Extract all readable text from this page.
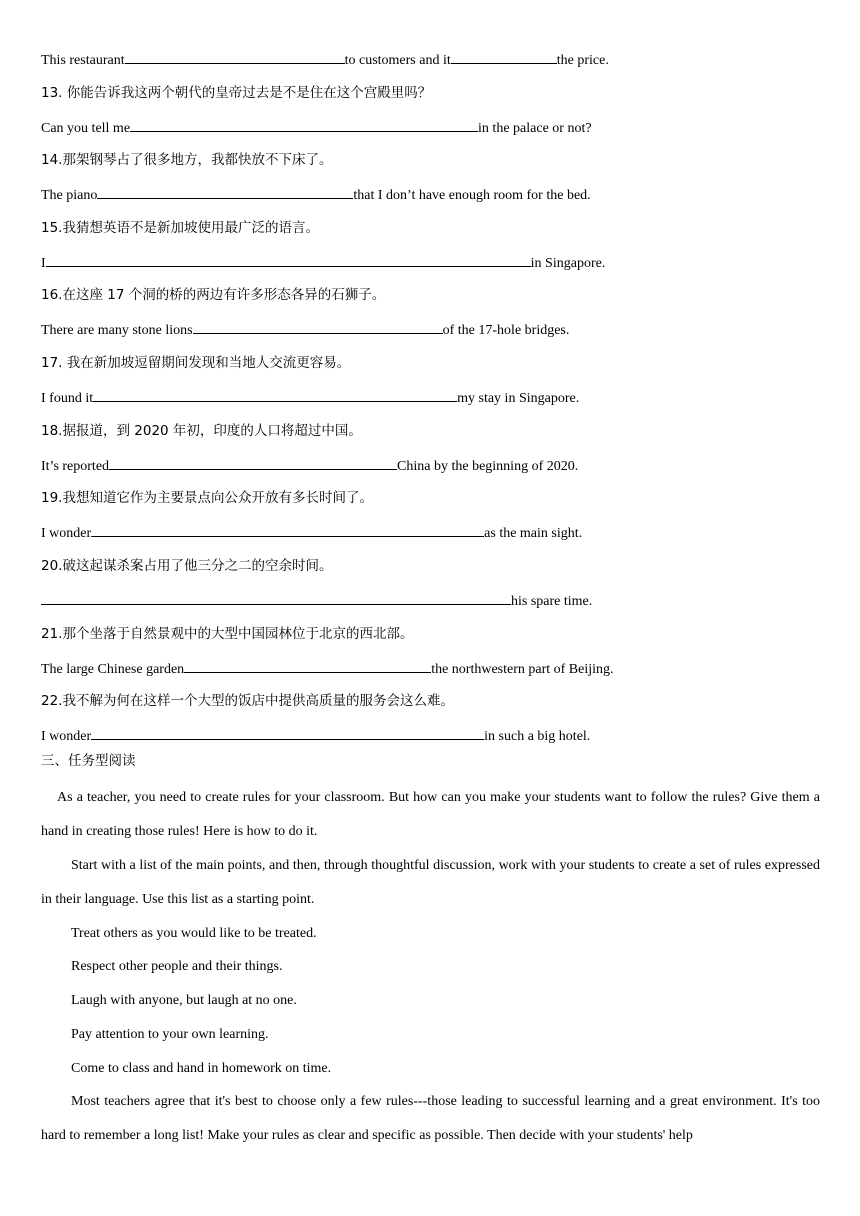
This restaurant	to customers and it	the price.
13. 你能告诉我这两个朝代的皇帝过去是不是住在这个宫殿里吗？
Can you tell me	in the palace or not?
14.那架钢琴占了很多地方，我都快放不下床了。
The piano	that I don’t have enough room for the bed.
15.我猜想英语不是新加坡使用最广泛的语言。
I	in Singapore.
16.在这座 17 个洞的桥的两边有许多形态各异的石狮子。
There are many stone lions	of the 17-hole bridges.
17. 我在新加坡逗留期间发现和当地人交流更容易。
I found it	my stay in Singapore.
18.据报道，到 2020 年初，印度的人口将超过中国。
It’s reported	China by the beginning of 2020.
19.我想知道它作为主要景点向公众开放有多长时间了。
I wonder	as the main sight.
20.破这起谋杀案占用了他三分之二的空余时间。
his spare time.
21.那个坐落于自然景观中的大型中国园林位于北京的西北部。
The large Chinese garden	the northwestern part of Beijing.
22.我不解为何在这样一个大型的饭店中提供高质量的服务会这么难。
I wonder	in such a big hotel.
三、任务型阅读
As a teacher, you need to create rules for your classroom. But how can you make your students want to follow the rules? Give them a hand in creating those rules! Here is how to do it.
Start with a list of the main points, and then, through thoughtful discussion, work with your students to create a set of rules expressed in their language. Use this list as a starting point.
Treat others as you would like to be treated.
Respect other people and their things.
Laugh with anyone, but laugh at no one.
Pay attention to your own learning.
Come to class and hand in homework on time.
Most teachers agree that it's best to choose only a few rules---those leading to successful learning and a great environment. It's too hard to remember a long list! Make your rules as clear and specific as possible. Then decide with your students' help
